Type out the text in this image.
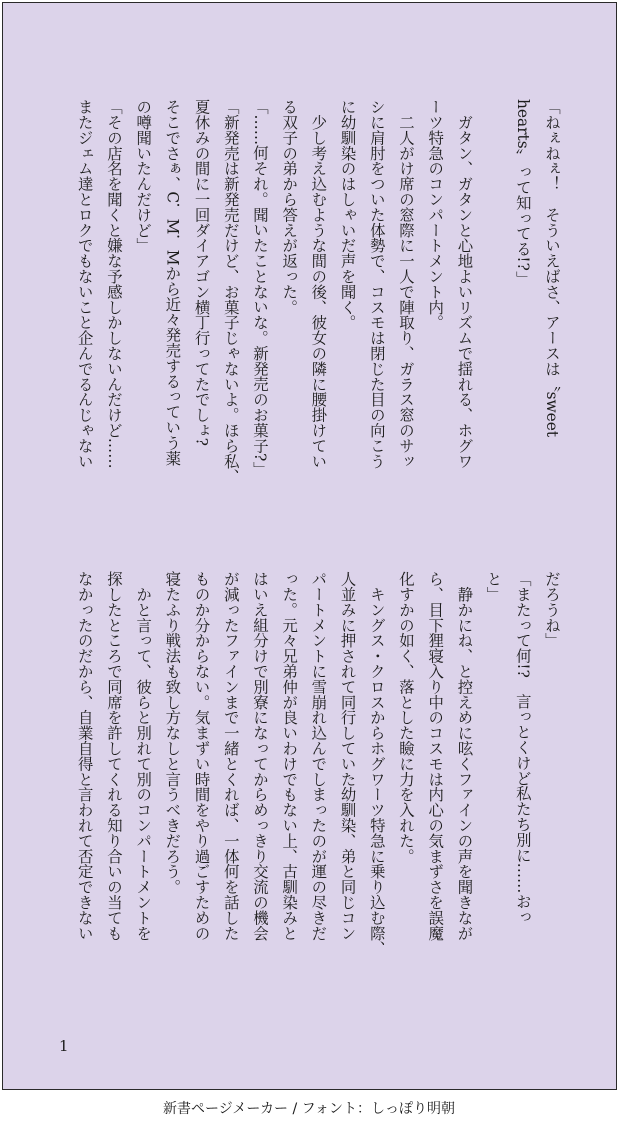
「ねぇねぇ！　そういえばさ、アースは〝sweet
hearts〟って知ってる!?」

　ガタン、ガタンと心地よいリズムで揺れる、ホグワ
ーツ特急のコンパートメント内。
　二人がけ席の窓際に一人で陣取り、ガラス窓のサッ
シに肩肘をついた体勢で、コスモは閉じた目の向こう
に幼馴染のはしゃいだ声を聞く。
　少し考え込むような間の後、彼女の隣に腰掛けてい
る双子の弟から答えが返った。
「……何それ。聞いたことないな。新発売のお菓子?」
「新発売は新発売だけど、お菓子じゃないよ。ほら私、
夏休みの間に一回ダイアゴン横丁行ってたでしょ?
そこでさぁ、C．M．Mから近々発売するっていう薬
の噂聞いたんだけど」
「その店名を聞くと嫌な予感しかしないんだけど……
またジェム達とロクでもないこと企んでるんじゃない
だろうね」
「またって何!?　言っとくけど私たち別に……おっ
と」
　静かにね、と控えめに呟くファインの声を聞きなが
ら、目下狸寝入り中のコスモは内心の気まずさを誤魔
化すかの如く、落とした瞼に力を入れた。
　キングス・クロスからホグワーツ特急に乗り込む際、
人並みに押されて同行していた幼馴染、弟と同じコン
パートメントに雪崩れ込んでしまったのが運の尽きだ
った。元々兄弟仲が良いわけでもない上、古馴染みと
はいえ組分けで別寮になってからめっきり交流の機会
が減ったファインまで一緒とくれば、一体何を話した
ものか分からない。気まずい時間をやり過ごすための
寝たふり戦法も致し方なしと言うべきだろう。
　かと言って、彼らと別れて別のコンパートメントを
探したところで同席を許してくれる知り合いの当ても
なかったのだから、自業自得と言われて否定できない
1
新書ページメーカー / フォント：しっぽり明朝
